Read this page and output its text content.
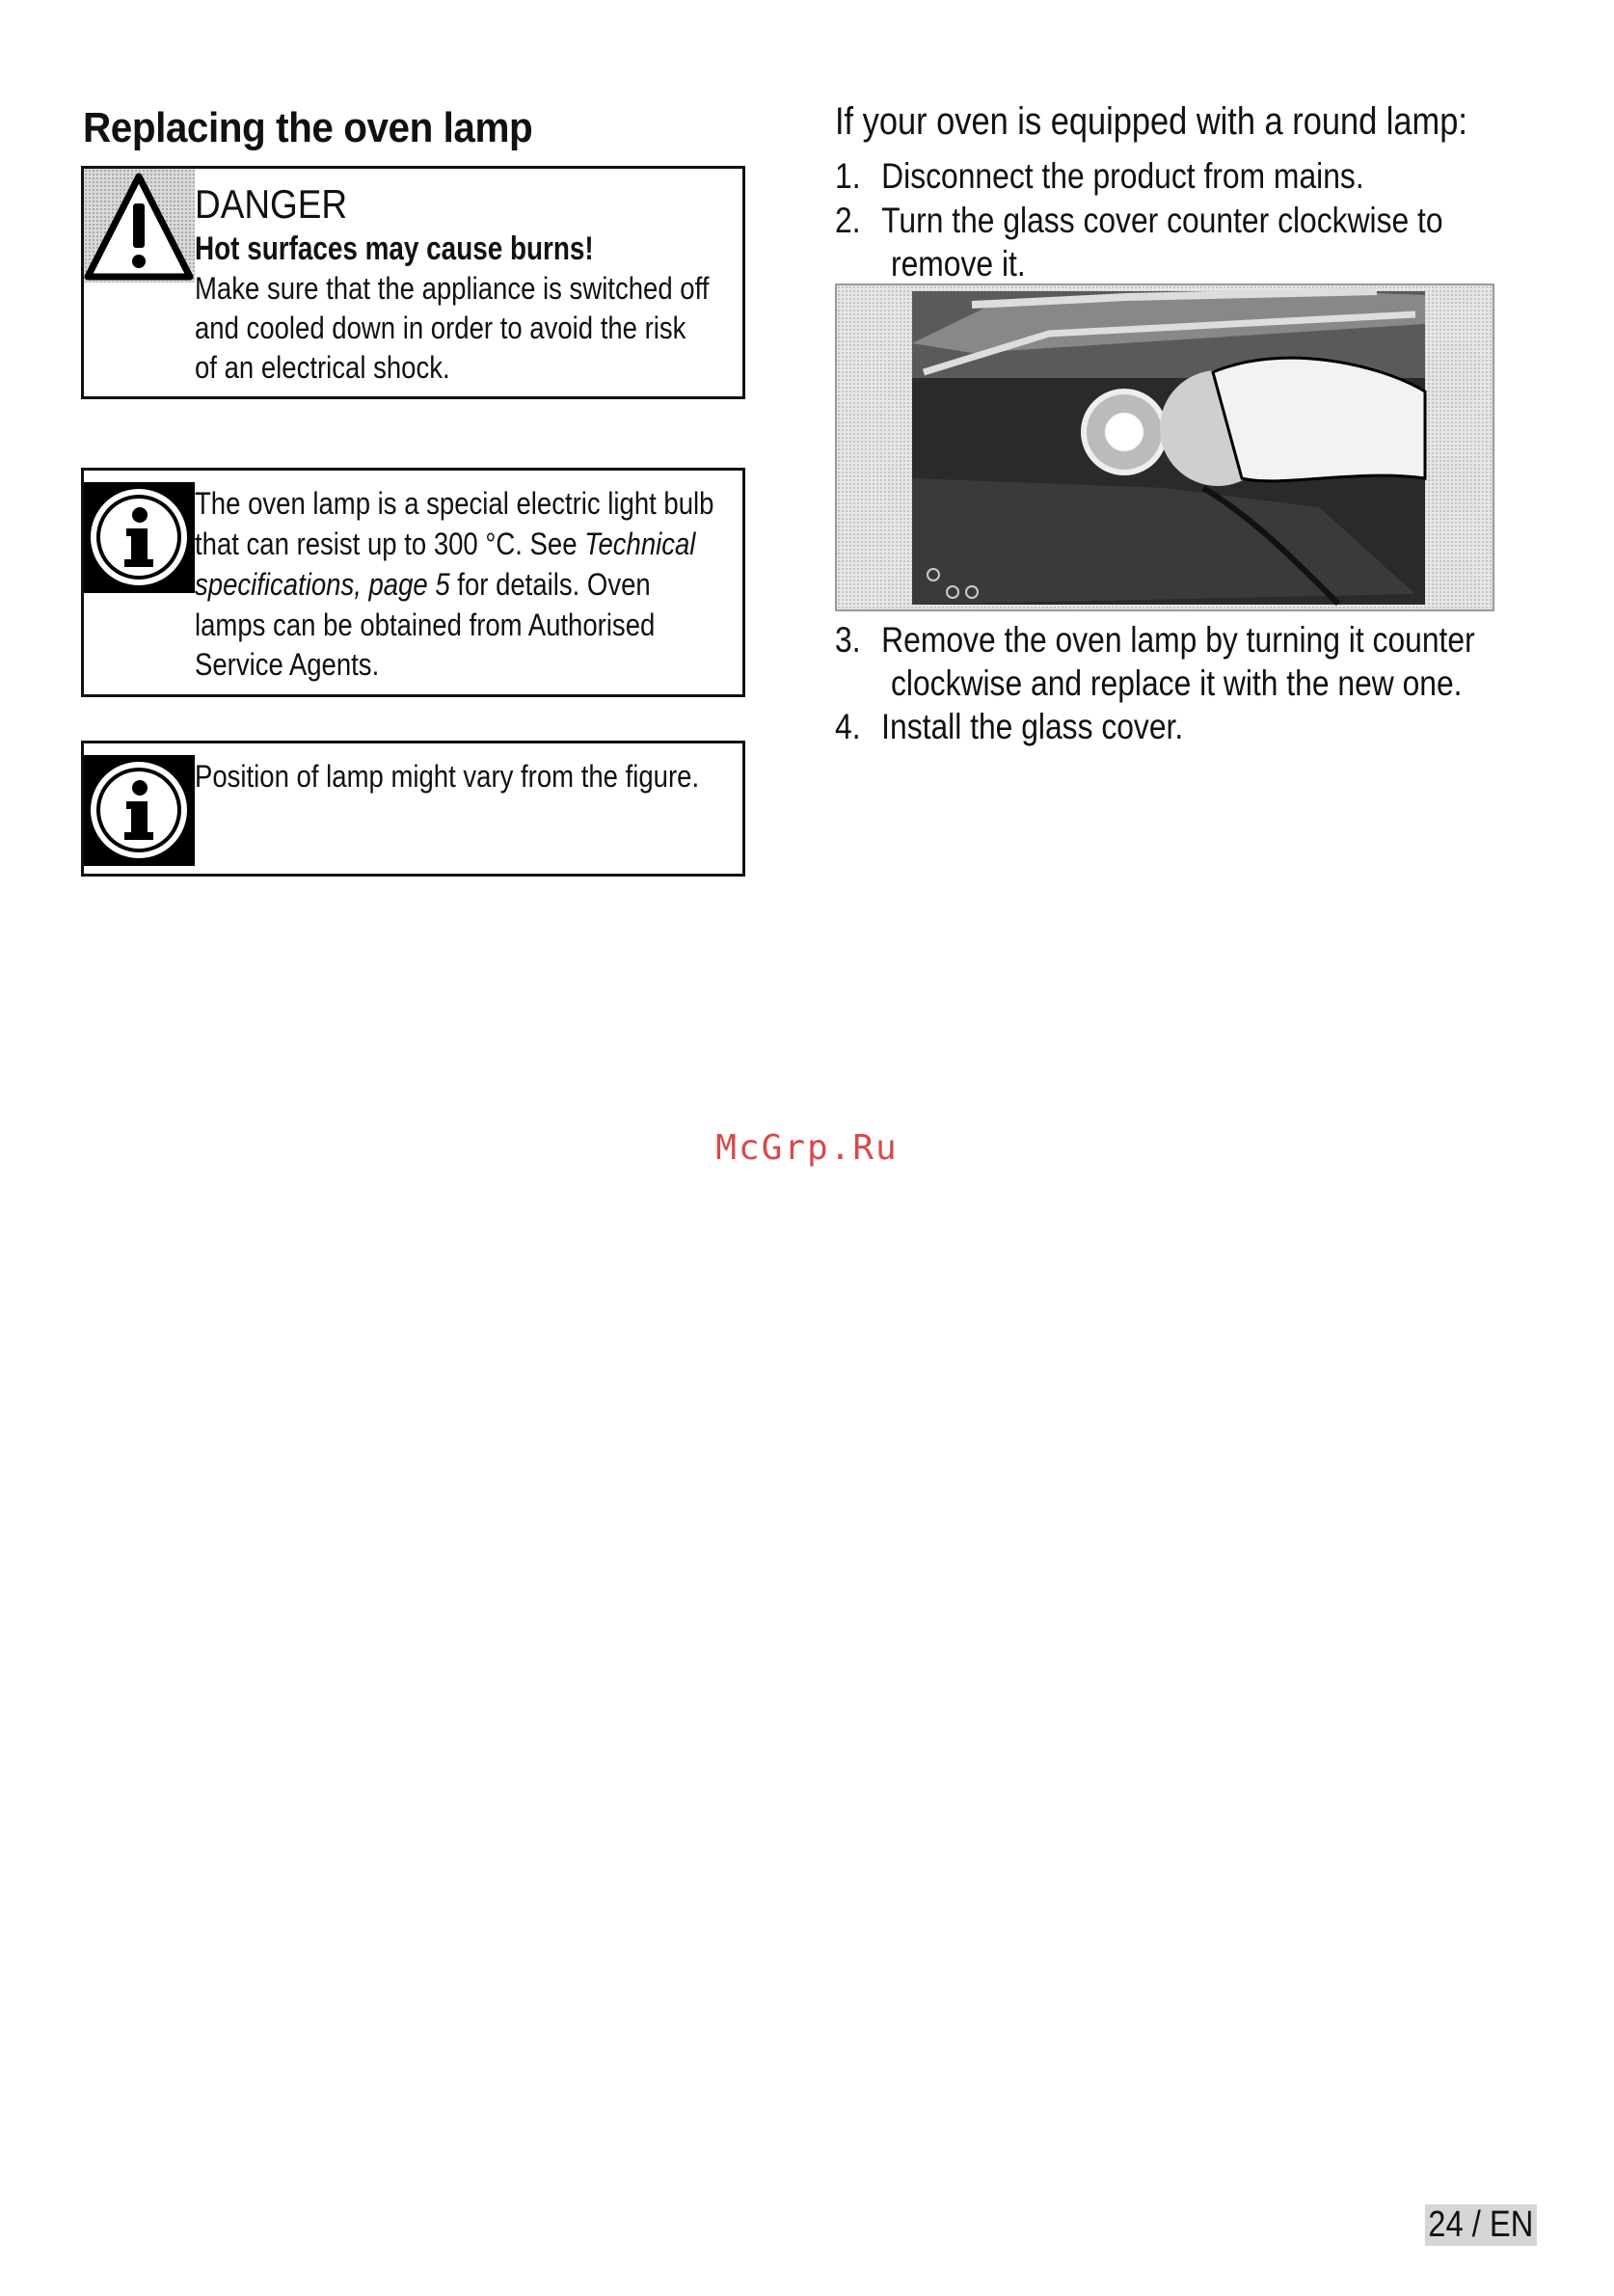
Replacing the oven lamp
DANGER
Hot surfaces may cause burns!
Make sure that the appliance is switched off
and cooled down in order to avoid the risk
of an electrical shock.
The oven lamp is a special electric light bulb
that can resist up to 300 °C. See Technical
specifications, page 5 for details. Oven
lamps can be obtained from Authorised
Service Agents.
Position of lamp might vary from the figure.
If your oven is equipped with a round lamp:
1. Disconnect the product from mains.
2. Turn the glass cover counter clockwise to
remove it.
3. Remove the oven lamp by turning it counter
clockwise and replace it with the new one.
4. Install the glass cover.
McGrp.Ru
24 / EN
